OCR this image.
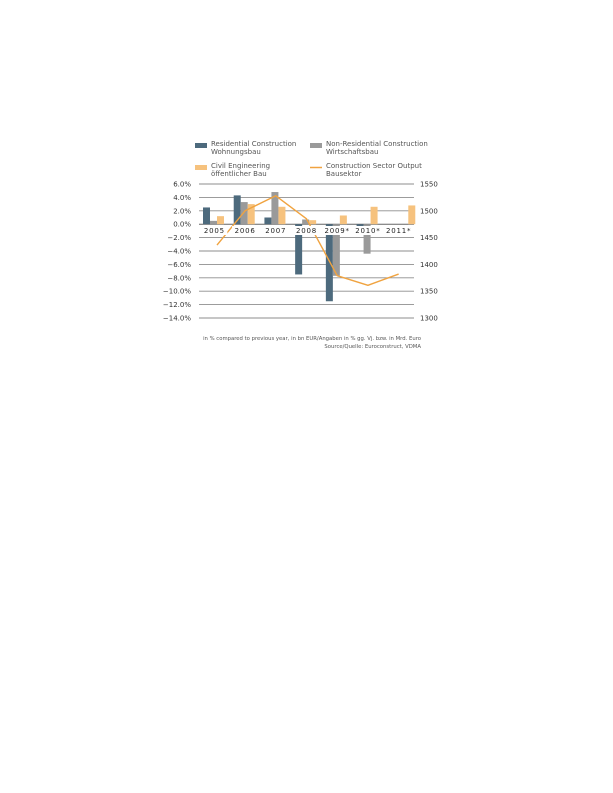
Residential Construction
Wohnungsbau
Non-Residential Construction
Wirtschaftsbau
Civil Engineering
öffentlicher Bau
Construction Sector Output
Bausektor
6.0%
4.0%
2.0%
0.0%
−2.0%
−4.0%
−6.0%
−8.0%
−10.0%
−12.0%
−14.0%
1550
1500
1450
1400
1350
1300
2005 2006 2007 2008 2009* 2010* 2011*
in % compared to previous year, in bn EUR/Angaben in % gg. Vj. bzw. in Mrd. Euro
Source/Quelle: Euroconstruct, VDMA
